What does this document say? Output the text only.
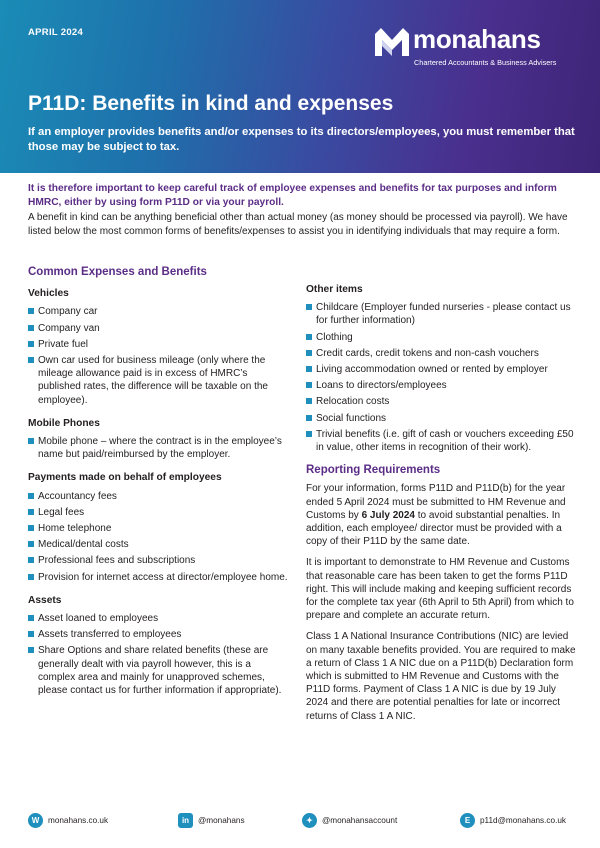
APRIL 2024	monahans
Chartered Accountants & Business Advisers
P11D: Benefits in kind and expenses
If an employer provides benefits and/or expenses to its directors/employees, you must remember that those may be subject to tax.
It is therefore important to keep careful track of employee expenses and benefits for tax purposes and inform HMRC, either by using form P11D or via your payroll.
A benefit in kind can be anything beneficial other than actual money (as money should be processed via payroll). We have listed below the most common forms of benefits/expenses to assist you in identifying individuals that may require a form.
Common Expenses and Benefits
Vehicles
Company car
Company van
Private fuel
Own car used for business mileage (only where the mileage allowance paid is in excess of HMRC’s published rates, the difference will be taxable on the employee).
Mobile Phones
Mobile phone – where the contract is in the employee’s name but paid/reimbursed by the employer.
Payments made on behalf of employees
Accountancy fees
Legal fees
Home telephone
Medical/dental costs
Professional fees and subscriptions
Provision for internet access at director/employee home.
Assets
Asset loaned to employees
Assets transferred to employees
Share Options and share related benefits (these are generally dealt with via payroll however, this is a complex area and mainly for unapproved schemes, please contact us for further information if appropriate).
Other items
Childcare (Employer funded nurseries - please contact us for further information)
Clothing
Credit cards, credit tokens and non-cash vouchers
Living accommodation owned or rented by employer
Loans to directors/employees
Relocation costs
Social functions
Trivial benefits (i.e. gift of cash or vouchers exceeding £50 in value, other items in recognition of their work).
Reporting Requirements

For your information, forms P11D and P11D(b) for the year ended 5 April 2024 must be submitted to HM Revenue and Customs by 6 July 2024 to avoid substantial penalties. In addition, each employee/ director must be provided with a copy of their P11D by the same date.

It is important to demonstrate to HM Revenue and Customs that reasonable care has been taken to get the forms P11D right. This will include making and keeping sufficient records for the complete tax year (6th April to 5th April) from which to prepare and complete an accurate return.

Class 1 A National Insurance Contributions (NIC) are levied on many taxable benefits provided. You are required to make a return of Class 1 A NIC due on a P11D(b) Declaration form which is submitted to HM Revenue and Customs with the P11D forms. Payment of Class 1 A NIC is due by 19 July 2024 and there are potential penalties for late or incorrect returns of Class 1 A NIC.

W	monahans.co.uk	in	@monahans	✦	@monahansaccount	E	p11d@monahans.co.uk
